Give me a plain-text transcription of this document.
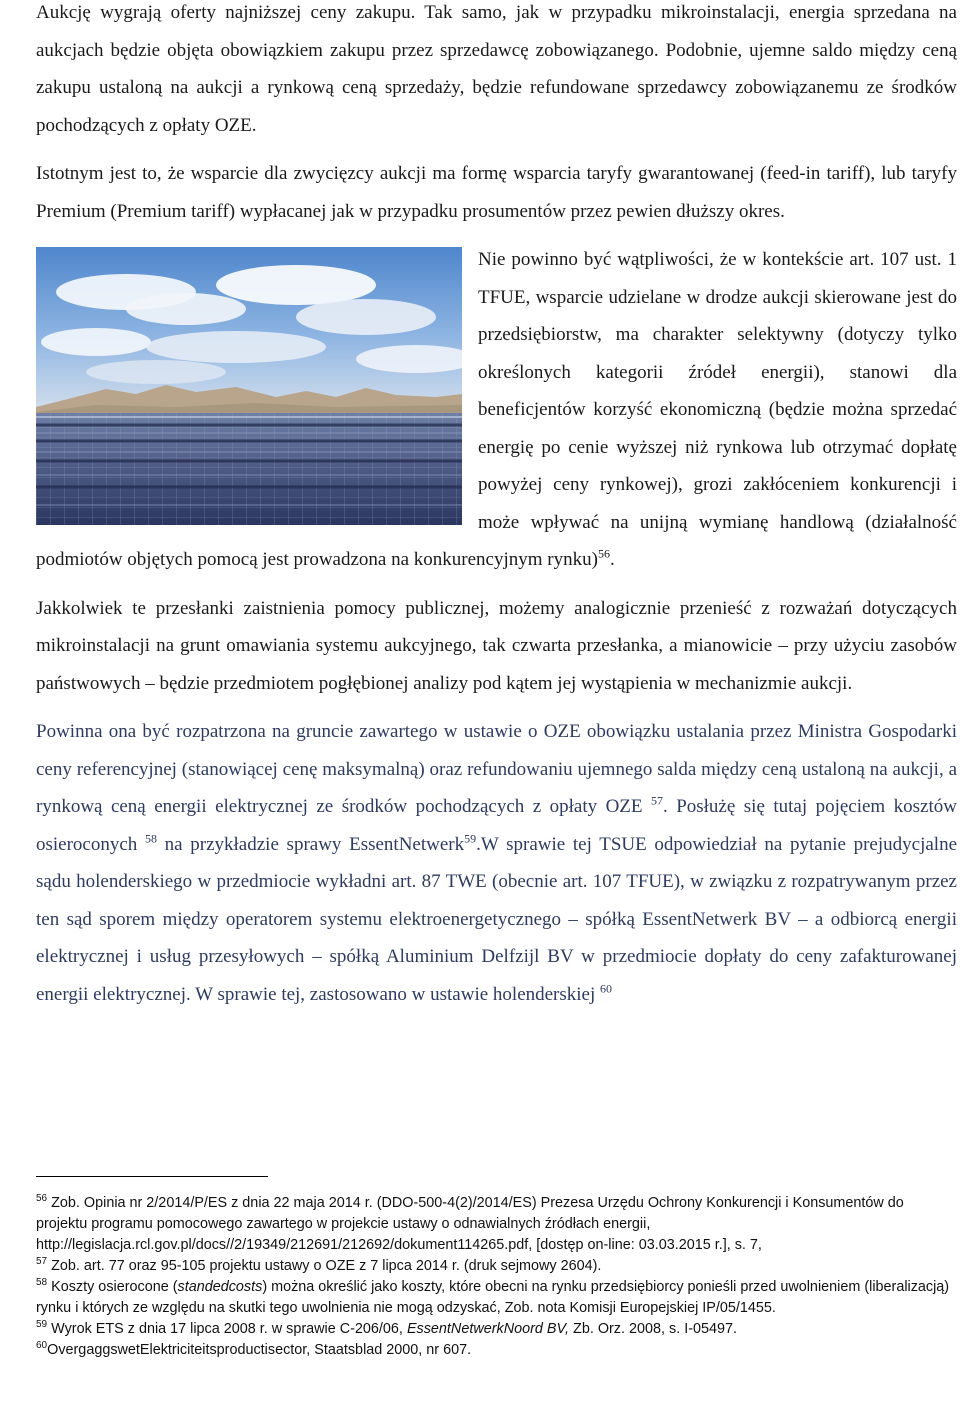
Aukcję wygrają oferty najniższej ceny zakupu. Tak samo, jak w przypadku mikroinstalacji, energia sprzedana na aukcjach będzie objęta obowiązkiem zakupu przez sprzedawcę zobowiązanego. Podobnie, ujemne saldo między ceną zakupu ustaloną na aukcji a rynkową ceną sprzedaży, będzie refundowane sprzedawcy zobowiązanemu ze środków pochodzących z opłaty OZE.

Istotnym jest to, że wsparcie dla zwycięzcy aukcji ma formę wsparcia taryfy gwarantowanej (feed-in tariff), lub taryfy Premium (Premium tariff) wypłacanej jak w przypadku prosumentów przez pewien dłuższy okres.

Nie powinno być wątpliwości, że w kontekście art. 107 ust. 1 TFUE, wsparcie udzielane w drodze aukcji skierowane jest do przedsiębiorstw, ma charakter selektywny (dotyczy tylko określonych kategorii źródeł energii), stanowi dla beneficjentów korzyść ekonomiczną (będzie można sprzedać energię po cenie wyższej niż rynkowa lub otrzymać dopłatę powyżej ceny rynkowej), grozi zakłóceniem konkurencji i może wpływać na unijną wymianę handlową (działalność podmiotów objętych pomocą jest prowadzona na konkurencyjnym rynku)$^{56}$.

Jakkolwiek te przesłanki zaistnienia pomocy publicznej, możemy analogicznie przenieść z rozważań dotyczących mikroinstalacji na grunt omawiania systemu aukcyjnego, tak czwarta przesłanka, a mianowicie – przy użyciu zasobów państwowych – będzie przedmiotem pogłębionej analizy pod kątem jej wystąpienia w mechanizmie aukcji.

Powinna ona być rozpatrzona na gruncie zawartego w ustawie o OZE obowiązku ustalania przez Ministra Gospodarki ceny referencyjnej (stanowiącej cenę maksymalną) oraz refundowaniu ujemnego salda między ceną ustaloną na aukcji, a rynkową ceną energii elektrycznej ze środków pochodzących z opłaty OZE $^{57}$. Posłużę się tutaj pojęciem kosztów osieroconych $^{58}$ na przykładzie sprawy EssentNetwerk$^{59}$.W sprawie tej TSUE odpowiedział na pytanie prejudycjalne sądu holenderskiego w przedmiocie wykładni art. 87 TWE (obecnie art. 107 TFUE), w związku z rozpatrywanym przez ten sąd sporem między operatorem systemu elektroenergetycznego – spółką EssentNetwerk BV – a odbiorcą energii elektrycznej i usług przesyłowych – spółką Aluminium Delfzijl BV w przedmiocie dopłaty do ceny zafakturowanej energii elektrycznej. W sprawie tej, zastosowano w ustawie holenderskiej $^{60}$

$^{56}$ Zob. Opinia nr 2/2014/P/ES z dnia 22 maja 2014 r. (DDO-500-4(2)/2014/ES) Prezesa Urzędu Ochrony Konkurencji i Konsumentów do projektu programu pomocowego zawartego w projekcie ustawy o odnawialnych źródłach energii, http://legislacja.rcl.gov.pl/docs//2/19349/212691/212692/dokument114265.pdf, [dostęp on-line: 03.03.2015 r.], s. 7,

$^{57}$ Zob. art. 77 oraz 95-105 projektu ustawy o OZE z 7 lipca 2014 r. (druk sejmowy 2604).

$^{58}$ Koszty osierocone (standedcosts) można określić jako koszty, które obecni na rynku przedsiębiorcy ponieśli przed uwolnieniem (liberalizacją) rynku i których ze względu na skutki tego uwolnienia nie mogą odzyskać, Zob. nota Komisji Europejskiej IP/05/1455.

$^{59}$ Wyrok ETS z dnia 17 lipca 2008 r. w sprawie C-206/06, EssentNetwerkNoord BV, Zb. Orz. 2008, s. I-05497.

$^{60}$OvergaggswetElektriciteitsproductisector, Staatsblad 2000, nr 607.
